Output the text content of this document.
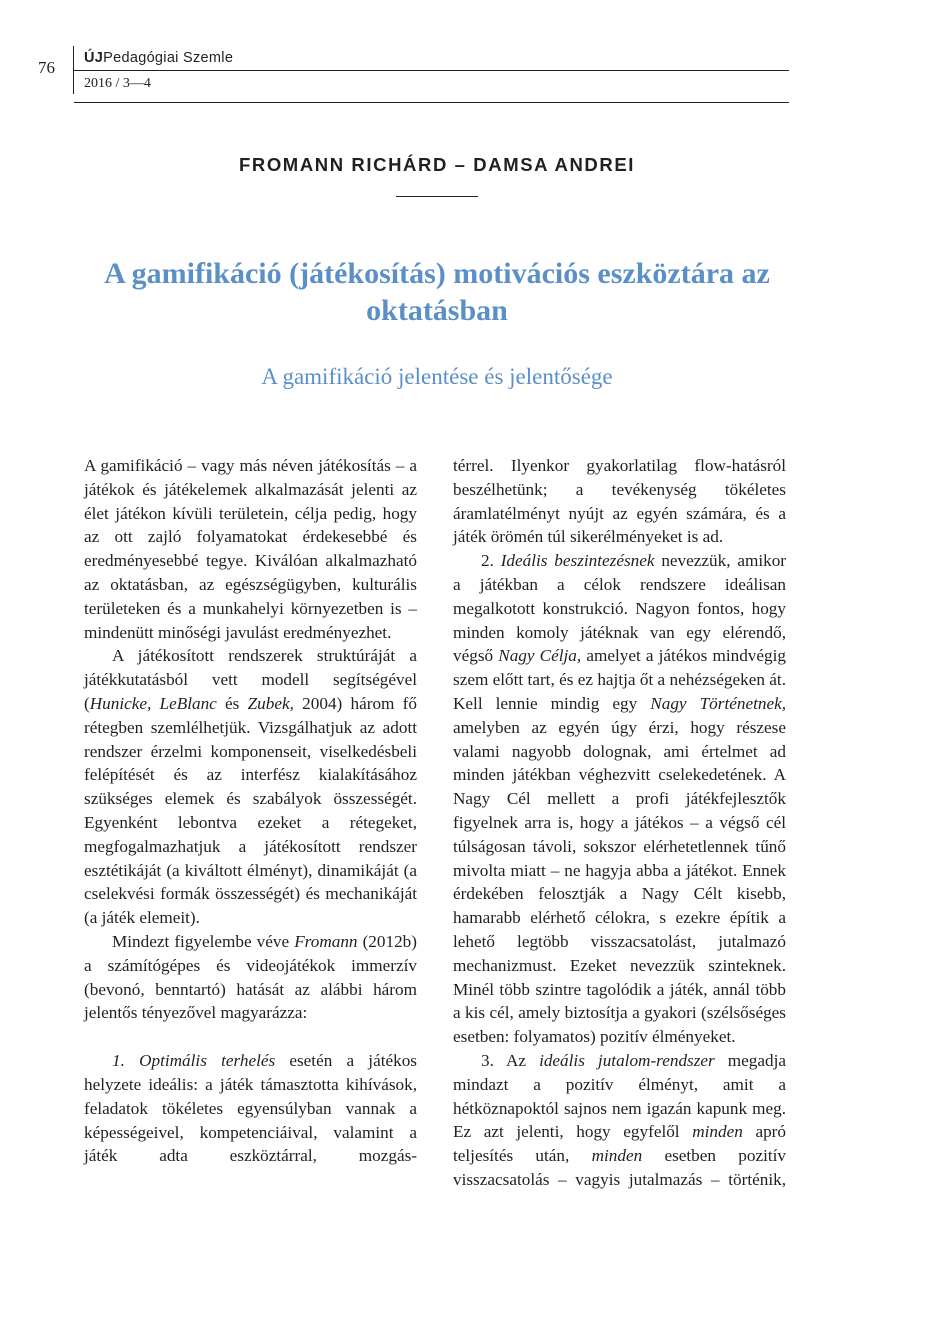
76 ÚJPedagógiai Szemle
2016 / 3—4
FROMANN RICHÁRD – DAMSA ANDREI
A gamifikáció (játékosítás) motivációs eszköztára az oktatásban
A gamifikáció jelentése és jelentősége

A gamifikáció – vagy más néven játékosítás – a játékok és játékelemek alkalmazását jelenti az élet játékon kívüli területein, célja pedig, hogy az ott zajló folyamatokat érdekesebbé és eredményesebbé tegye. Kiválóan alkalmazható az oktatásban, az egészségügyben, kulturális területeken és a munkahelyi környezetben is – mindenütt minőségi javulást eredményezhet.

A játékosított rendszerek struktúráját a játékkutatásból vett modell segítségével (Hunicke, LeBlanc és Zubek, 2004) három fő rétegben szemlélhetjük. Vizsgálhatjuk az adott rendszer érzelmi komponenseit, viselkedésbeli felépítését és az interfész kialakításához szükséges elemek és szabályok összességét. Egyenként lebontva ezeket a rétegeket, megfogalmazhatjuk a játékosított rendszer esztétikáját (a kiváltott élményt), dinamikáját (a cselekvési formák összességét) és mechanikáját (a játék elemeit).

Mindezt figyelembe véve Fromann (2012b) a számítógépes és videojátékok immerzív (bevonó, benntartó) hatását az alábbi három jelentős tényezővel magyarázza:

1. Optimális terhelés esetén a játékos helyzete ideális: a játék támasztotta kihívások, feladatok tökéletes egyensúlyban vannak a képességeivel, kompetenciáival, valamint a játék adta eszköztárral, mozgás-

térrel. Ilyenkor gyakorlatilag flow-hatásról beszélhetünk; a tevékenység tökéletes áramlatélményt nyújt az egyén számára, és a játék örömén túl sikerélményeket is ad.

2. Ideális beszintezésnek nevezzük, amikor a játékban a célok rendszere ideálisan megalkotott konstrukció. Nagyon fontos, hogy minden komoly játéknak van egy elérendő, végső Nagy Célja, amelyet a játékos mindvégig szem előtt tart, és ez hajtja őt a nehézségeken át. Kell lennie mindig egy Nagy Történetnek, amelyben az egyén úgy érzi, hogy részese valami nagyobb dolognak, ami értelmet ad minden játékban véghezvitt cselekedetének. A Nagy Cél mellett a profi játékfejlesztők figyelnek arra is, hogy a játékos – a végső cél túlságosan távoli, sokszor elérhetetlennek tűnő mivolta miatt – ne hagyja abba a játékot. Ennek érdekében felosztják a Nagy Célt kisebb, hamarabb elérhető célokra, s ezekre építik a lehető legtöbb visszacsatolást, jutalmazó mechanizmust. Ezeket nevezzük szinteknek. Minél több szintre tagolódik a játék, annál több a kis cél, amely biztosítja a gyakori (szélsőséges esetben: folyamatos) pozitív élményeket.

3. Az ideális jutalom-rendszer megadja mindazt a pozitív élményt, amit a hétköznapoktól sajnos nem igazán kapunk meg. Ez azt jelenti, hogy egyfelől minden apró teljesítés után, minden esetben pozitív visszacsatolás – vagyis jutalmazás – történik,
